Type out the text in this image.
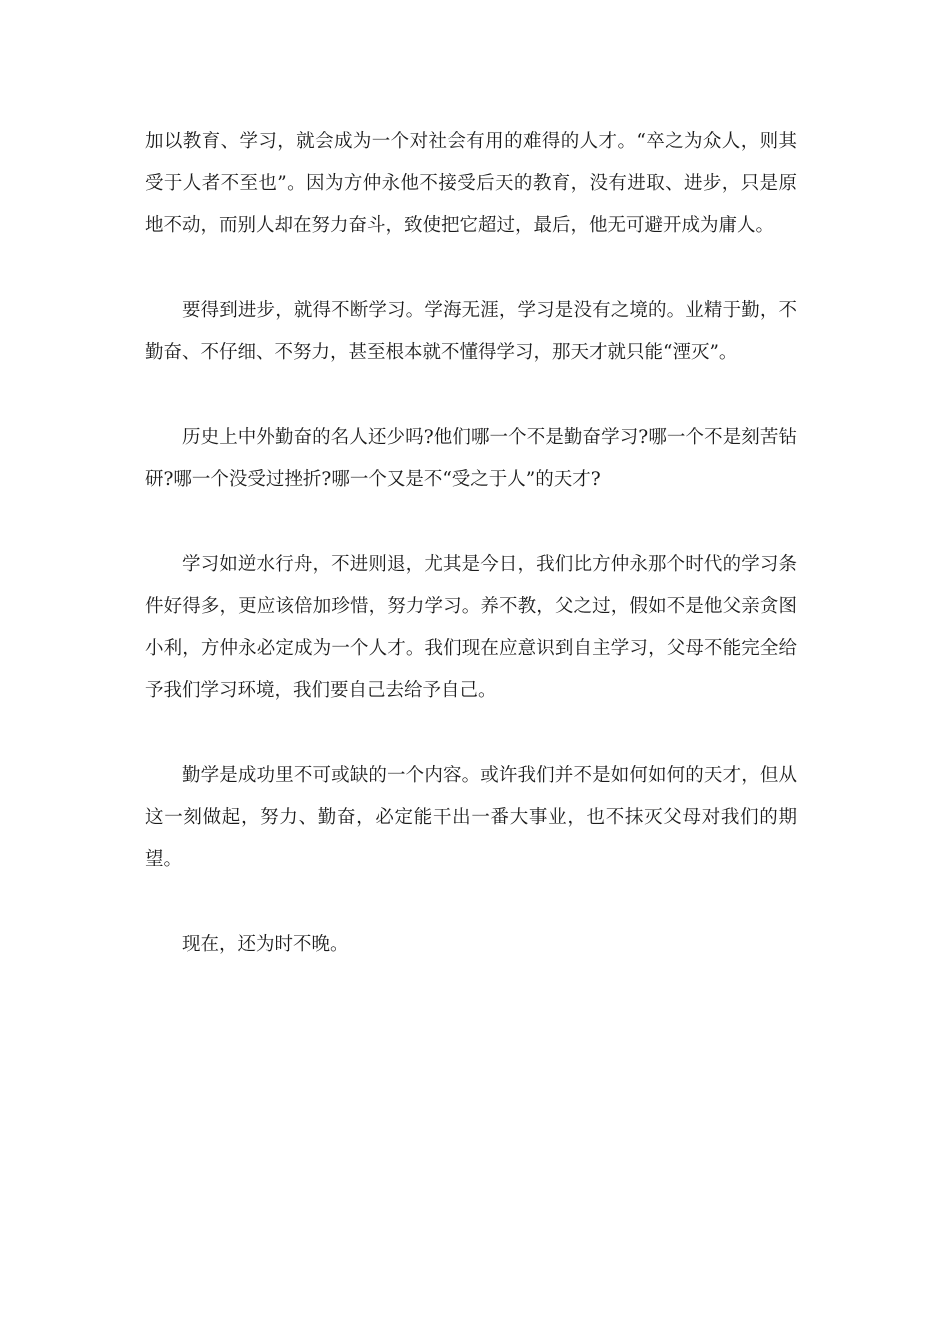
加以教育、学习，就会成为一个对社会有用的难得的人才。“卒之为众人，则其受于人者不至也”。因为方仲永他不接受后天的教育，没有进取、进步，只是原地不动，而别人却在努力奋斗，致使把它超过，最后，他无可避开成为庸人。

要得到进步，就得不断学习。学海无涯，学习是没有之境的。业精于勤，不勤奋、不仔细、不努力，甚至根本就不懂得学习，那天才就只能“湮灭”。

历史上中外勤奋的名人还少吗?他们哪一个不是勤奋学习?哪一个不是刻苦钻研?哪一个没受过挫折?哪一个又是不“受之于人”的天才?

学习如逆水行舟，不进则退，尤其是今日，我们比方仲永那个时代的学习条件好得多，更应该倍加珍惜，努力学习。养不教，父之过，假如不是他父亲贪图小利，方仲永必定成为一个人才。我们现在应意识到自主学习，父母不能完全给予我们学习环境，我们要自己去给予自己。

勤学是成功里不可或缺的一个内容。或许我们并不是如何如何的天才，但从这一刻做起，努力、勤奋，必定能干出一番大事业，也不抹灭父母对我们的期望。

现在，还为时不晚。
